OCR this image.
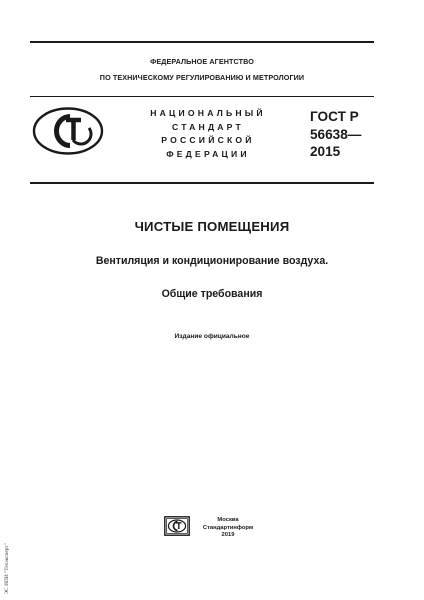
ФЕДЕРАЛЬНОЕ АГЕНТСТВО
ПО ТЕХНИЧЕСКОМУ РЕГУЛИРОВАНИЮ И МЕТРОЛОГИИ
НАЦИОНАЛЬНЫЙ
СТАНДАРТ
РОССИЙСКОЙ
ФЕДЕРАЦИИ
ГОСТ Р
56638—
2015
ЧИСТЫЕ ПОМЕЩЕНИЯ
Вентиляция и кондиционирование воздуха.
Общие требования
Издание официальное
Москва
Стандартинформ
2019
ЭС ИПИ "Техэксперт"
